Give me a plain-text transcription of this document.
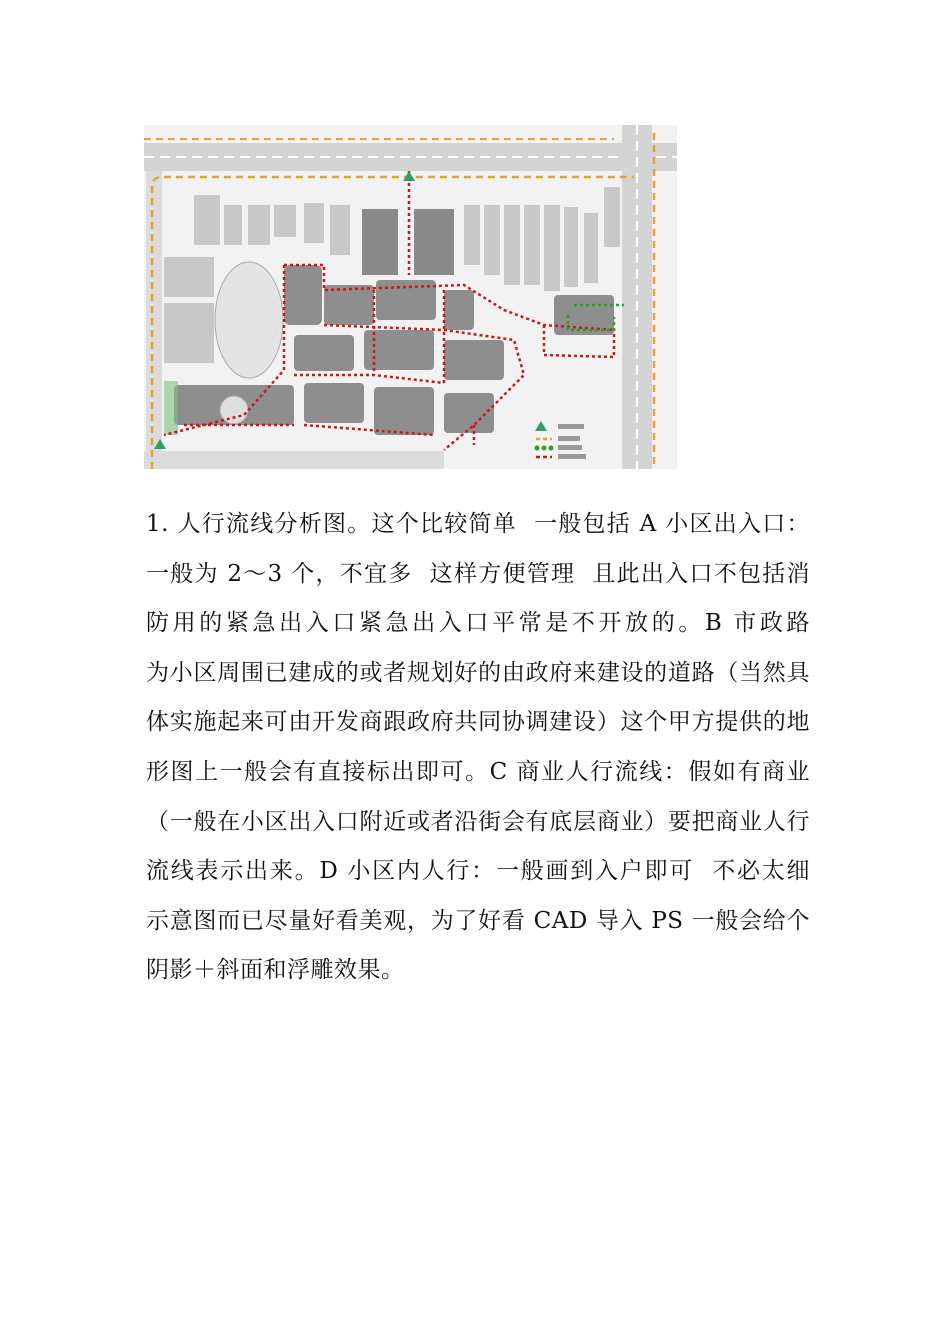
1. 人行流线分析图。这个比较简单  一般包括 A 小区出入口：一般为 2～3 个，不宜多  这样方便管理  且此出入口不包括消防用的紧急出入口紧急出入口平常是不开放的。B 市政路        为小区周围已建成的或者规划好的由政府来建设的道路（当然具体实施起来可由开发商跟政府共同协调建设）这个甲方提供的地形图上一般会有直接标出即可。C 商业人行流线：假如有商业（一般在小区出入口附近或者沿街会有底层商业）要把商业人行流线表示出来。D 小区内人行：一般画到入户即可  不必太细  示意图而已尽量好看美观，为了好看 CAD 导入 PS 一般会给个阴影＋斜面和浮雕效果。
